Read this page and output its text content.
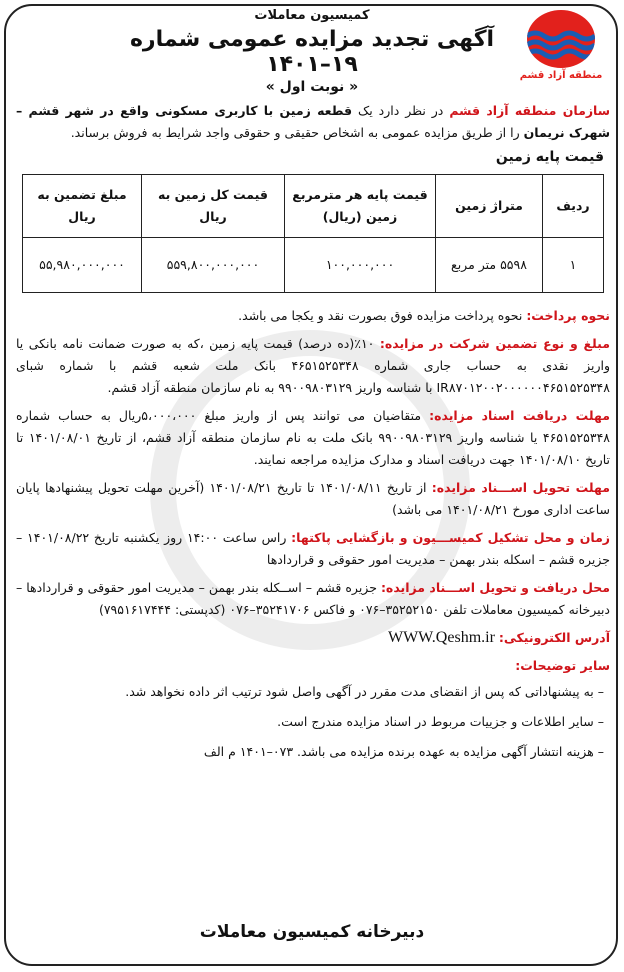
منطقه آزاد قشم
کمیسیون معاملات
آگهی تجدید مزایده عمومی شماره ۱۹–۱۴۰۱
« نوبت اول »
سازمان منطقه آزاد قشم در نظر دارد یک قطعه زمین با کاربری مسکونی واقع در شهر قشم – شهرک نریمان را از طریق مزایده عمومی به اشخاص حقیقی و حقوقی واجد شرایط به فروش برساند.
قیمت پایه زمین
ردیف	متراژ زمین	قیمت پایه هر مترمربع زمین (ریال)	قیمت کل زمین به ریال	مبلغ تضمین به ریال
۱	۵۵۹۸ متر مربع	۱۰۰,۰۰۰,۰۰۰	۵۵۹,۸۰۰,۰۰۰,۰۰۰	۵۵,۹۸۰,۰۰۰,۰۰۰
نحوه پرداخت: نحوه پرداخت مزایده فوق بصورت نقد و یکجا می باشد.
مبلغ و نوع تضمین شرکت در مزایده: ۱۰٪(ده درصد) قیمت پایه زمین ،که به صورت ضمانت نامه بانکی یا واریز نقدی به حساب جاری شماره ۴۶۵۱۵۲۵۳۴۸ بانک ملت شعبه قشم با شماره شبای IR۸۷۰۱۲۰۰۲۰۰۰۰۰۰۴۶۵۱۵۲۵۳۴۸ با شناسه واریز ۹۹۰۰۹۸۰۳۱۲۹ به نام سازمان منطقه آزاد قشم.
مهلت دریافت اسناد مزایده: متقاضیان می توانند پس از واریز مبلغ ۵،۰۰۰،۰۰۰ریال به حساب شماره ۴۶۵۱۵۲۵۳۴۸ یا شناسه واریز ۹۹۰۰۹۸۰۳۱۲۹ بانک ملت به نام سازمان منطقه آزاد قشم، از تاریخ ۱۴۰۱/۰۸/۰۱ تا تاریخ ۱۴۰۱/۰۸/۱۰ جهت دریافت اسناد و مدارک مزایده مراجعه نمایند.
مهلت تحویل اســـناد مزایده: از تاریخ ۱۴۰۱/۰۸/۱۱ تا تاریخ ۱۴۰۱/۰۸/۲۱ (آخرین مهلت تحویل پیشنهادها پایان ساعت اداری مورخ ۱۴۰۱/۰۸/۲۱ می باشد)
زمان و محل تشکیل کمیســـیون و بازگشایی پاکتها: راس ساعت ۱۴:۰۰ روز یکشنبه تاریخ ۱۴۰۱/۰۸/۲۲ – جزیره قشم – اسکله بندر بهمن – مدیریت امور حقوقی و قراردادها
محل دریافت و تحویل اســـناد مزایده: جزیره قشم – اســکله بندر بهمن – مدیریت امور حقوقی و قراردادها – دبیرخانه کمیسیون معاملات تلفن ۳۵۲۵۲۱۵۰–۰۷۶ و فاکس ۳۵۲۴۱۷۰۶–۰۷۶ (کدپستی: ۷۹۵۱۶۱۷۴۴۴)
آدرس الکترونیکی: WWW.Qeshm.ir
سایر توضیحات:
– به پیشنهاداتی که پس از انقضای مدت مقرر در آگهی واصل شود ترتیب اثر داده نخواهد شد.
– سایر اطلاعات و جزییات مربوط در اسناد مزایده مندرج است.
– هزینه انتشار آگهی مزایده به عهده برنده مزایده می باشد. ۰۷۳–۱۴۰۱ م الف
دبیرخانه کمیسیون معاملات
